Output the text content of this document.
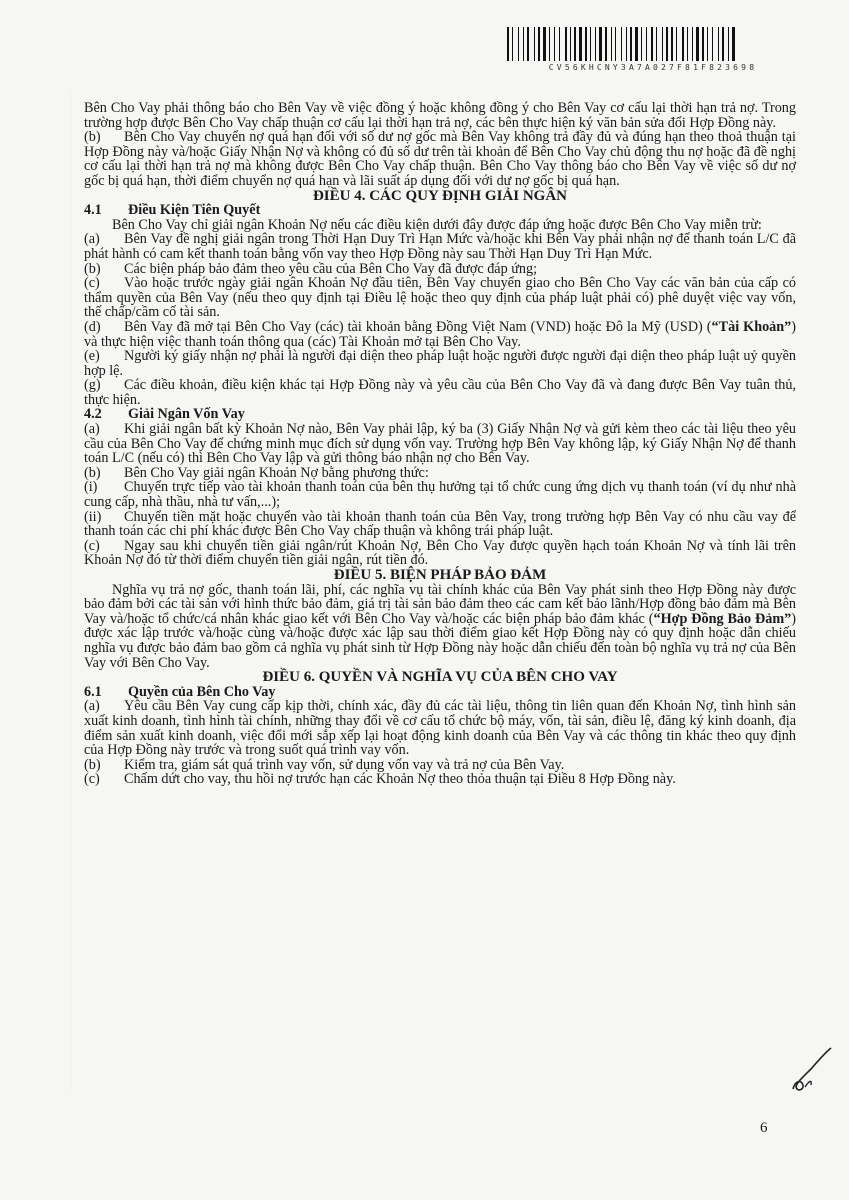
CV56KHCNY3A7A027F81F823698

Bên Cho Vay phải thông báo cho Bên Vay về việc đồng ý hoặc không đồng ý cho Bên Vay cơ cấu lại thời hạn trả nợ. Trong trường hợp được Bên Cho Vay chấp thuận cơ cấu lại thời hạn trả nợ, các bên thực hiện ký văn bản sửa đổi Hợp Đồng này.

(b) Bên Cho Vay chuyển nợ quá hạn đối với số dư nợ gốc mà Bên Vay không trả đầy đủ và đúng hạn theo thoả thuận tại Hợp Đồng này và/hoặc Giấy Nhận Nợ và không có đủ số dư trên tài khoản để Bên Cho Vay chủ động thu nợ hoặc đã đề nghị cơ cấu lại thời hạn trả nợ mà không được Bên Cho Vay chấp thuận. Bên Cho Vay thông báo cho Bên Vay về việc số dư nợ gốc bị quá hạn, thời điểm chuyển nợ quá hạn và lãi suất áp dụng đối với dư nợ gốc bị quá hạn.

ĐIỀU 4. CÁC QUY ĐỊNH GIẢI NGÂN

4.1	Điều Kiện Tiên Quyết

Bên Cho Vay chỉ giải ngân Khoản Nợ nếu các điều kiện dưới đây được đáp ứng hoặc được Bên Cho Vay miễn trừ:

(a) Bên Vay đề nghị giải ngân trong Thời Hạn Duy Trì Hạn Mức và/hoặc khi Bên Vay phải nhận nợ để thanh toán L/C đã phát hành có cam kết thanh toán bằng vốn vay theo Hợp Đồng này sau Thời Hạn Duy Trì Hạn Mức.

(b) Các biện pháp bảo đảm theo yêu cầu của Bên Cho Vay đã được đáp ứng;

(c) Vào hoặc trước ngày giải ngân Khoản Nợ đầu tiên, Bên Vay chuyển giao cho Bên Cho Vay các văn bản của cấp có thẩm quyền của Bên Vay (nếu theo quy định tại Điều lệ hoặc theo quy định của pháp luật phải có) phê duyệt việc vay vốn, thế chấp/cầm cố tài sản.

(d) Bên Vay đã mở tại Bên Cho Vay (các) tài khoản bằng Đồng Việt Nam (VND) hoặc Đô la Mỹ (USD) (“Tài Khoản”) và thực hiện việc thanh toán thông qua (các) Tài Khoản mở tại Bên Cho Vay.

(e) Người ký giấy nhận nợ phải là người đại diện theo pháp luật hoặc người được người đại diện theo pháp luật uỷ quyền hợp lệ.

(g) Các điều khoản, điều kiện khác tại Hợp Đồng này và yêu cầu của Bên Cho Vay đã và đang được Bên Vay tuân thủ, thực hiện.

4.2	Giải Ngân Vốn Vay

(a) Khi giải ngân bất kỳ Khoản Nợ nào, Bên Vay phải lập, ký ba (3) Giấy Nhận Nợ và gửi kèm theo các tài liệu theo yêu cầu của Bên Cho Vay để chứng minh mục đích sử dụng vốn vay. Trường hợp Bên Vay không lập, ký Giấy Nhận Nợ để thanh toán L/C (nếu có) thì Bên Cho Vay lập và gửi thông báo nhận nợ cho Bên Vay.

(b) Bên Cho Vay giải ngân Khoản Nợ bằng phương thức:

(i) Chuyển trực tiếp vào tài khoản thanh toán của bên thụ hưởng tại tổ chức cung ứng dịch vụ thanh toán (ví dụ như nhà cung cấp, nhà thầu, nhà tư vấn,...);

(ii) Chuyển tiền mặt hoặc chuyển vào tài khoản thanh toán của Bên Vay, trong trường hợp Bên Vay có nhu cầu vay để thanh toán các chi phí khác được Bên Cho Vay chấp thuận và không trái pháp luật.

(c) Ngay sau khi chuyển tiền giải ngân/rút Khoản Nợ, Bên Cho Vay được quyền hạch toán Khoản Nợ và tính lãi trên Khoản Nợ đó từ thời điểm chuyển tiền giải ngân, rút tiền đó.

ĐIỀU 5. BIỆN PHÁP BẢO ĐẢM

Nghĩa vụ trả nợ gốc, thanh toán lãi, phí, các nghĩa vụ tài chính khác của Bên Vay phát sinh theo Hợp Đồng này được bảo đảm bởi các tài sản với hình thức bảo đảm, giá trị tài sản bảo đảm theo các cam kết bảo lãnh/Hợp đồng bảo đảm mà Bên Vay và/hoặc tổ chức/cá nhân khác giao kết với Bên Cho Vay và/hoặc các biện pháp bảo đảm khác (“Hợp Đồng Bảo Đảm”) được xác lập trước và/hoặc cùng và/hoặc được xác lập sau thời điểm giao kết Hợp Đồng này có quy định hoặc dẫn chiếu nghĩa vụ được bảo đảm bao gồm cả nghĩa vụ phát sinh từ Hợp Đồng này hoặc dẫn chiếu đến toàn bộ nghĩa vụ trả nợ của Bên Vay với Bên Cho Vay.

ĐIỀU 6. QUYỀN VÀ NGHĨA VỤ CỦA BÊN CHO VAY

6.1	Quyền của Bên Cho Vay

(a) Yêu cầu Bên Vay cung cấp kịp thời, chính xác, đầy đủ các tài liệu, thông tin liên quan đến Khoản Nợ, tình hình sản xuất kinh doanh, tình hình tài chính, những thay đổi về cơ cấu tổ chức bộ máy, vốn, tài sản, điều lệ, đăng ký kinh doanh, địa điểm sản xuất kinh doanh, việc đổi mới sắp xếp lại hoạt động kinh doanh của Bên Vay và các thông tin khác theo quy định của Hợp Đồng này trước và trong suốt quá trình vay vốn.

(b) Kiểm tra, giám sát quá trình vay vốn, sử dụng vốn vay và trả nợ của Bên Vay.

(c) Chấm dứt cho vay, thu hồi nợ trước hạn các Khoản Nợ theo thỏa thuận tại Điều 8 Hợp Đồng này.

6
